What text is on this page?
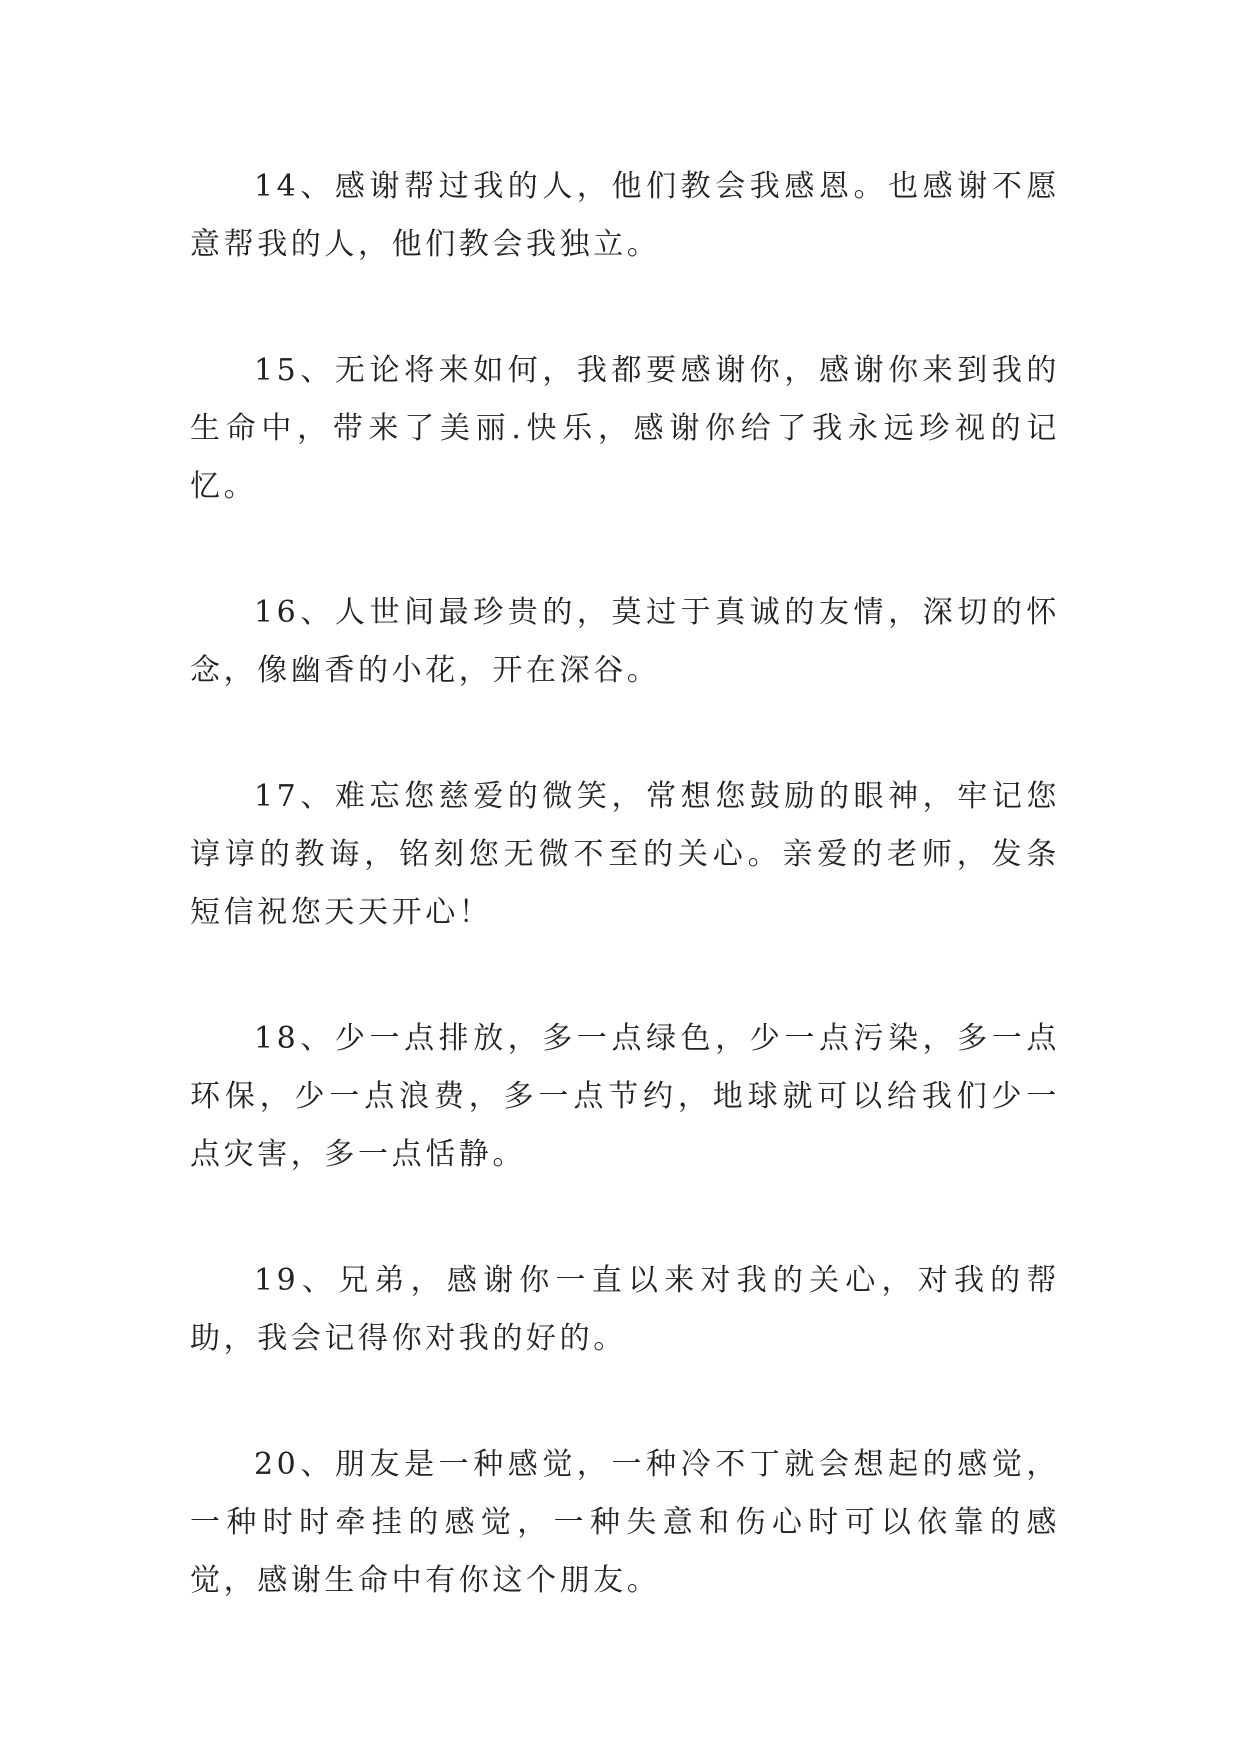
14、感谢帮过我的人，他们教会我感恩。也感谢不愿意帮我的人，他们教会我独立。

15、无论将来如何，我都要感谢你，感谢你来到我的生命中，带来了美丽.快乐，感谢你给了我永远珍视的记忆。

16、人世间最珍贵的，莫过于真诚的友情，深切的怀念，像幽香的小花，开在深谷。

17、难忘您慈爱的微笑，常想您鼓励的眼神，牢记您谆谆的教诲，铭刻您无微不至的关心。亲爱的老师，发条短信祝您天天开心！

18、少一点排放，多一点绿色，少一点污染，多一点环保，少一点浪费，多一点节约，地球就可以给我们少一点灾害，多一点恬静。

19、兄弟，感谢你一直以来对我的关心，对我的帮助，我会记得你对我的好的。

20、朋友是一种感觉，一种冷不丁就会想起的感觉，一种时时牵挂的感觉，一种失意和伤心时可以依靠的感觉，感谢生命中有你这个朋友。
